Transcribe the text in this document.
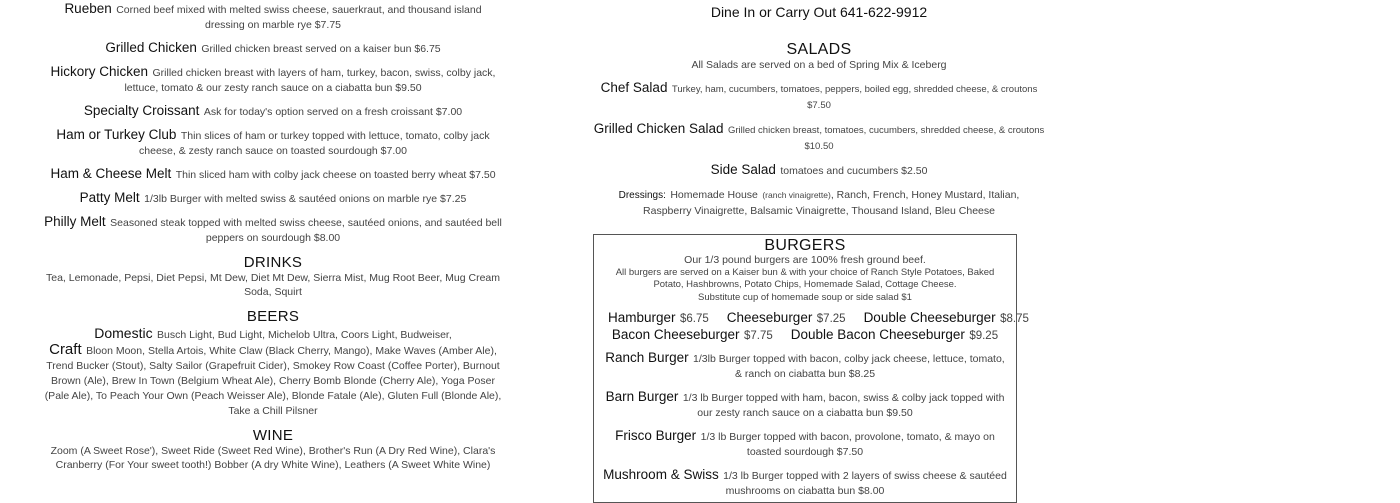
Rueben Corned beef mixed with melted swiss cheese, sauerkraut, and thousand island dressing on marble rye $7.75
Grilled Chicken Grilled chicken breast served on a kaiser bun $6.75
Hickory Chicken Grilled chicken breast with layers of ham, turkey, bacon, swiss, colby jack, lettuce, tomato & our zesty ranch sauce on a ciabatta bun $9.50
Specialty Croissant Ask for today's option served on a fresh croissant $7.00
Ham or Turkey Club Thin slices of ham or turkey topped with lettuce, tomato, colby jack cheese, & zesty ranch sauce on toasted sourdough $7.00
Ham & Cheese Melt Thin sliced ham with colby jack cheese on toasted berry wheat $7.50
Patty Melt 1/3lb Burger with melted swiss & sautéed onions on marble rye $7.25
Philly Melt Seasoned steak topped with melted swiss cheese, sautéed onions, and sautéed bell peppers on sourdough $8.00
DRINKS
Tea, Lemonade, Pepsi, Diet Pepsi, Mt Dew, Diet Mt Dew, Sierra Mist, Mug Root Beer, Mug Cream Soda, Squirt
BEERS
Domestic Busch Light, Bud Light, Michelob Ultra, Coors Light, Budweiser,
Craft Bloon Moon, Stella Artois, White Claw (Black Cherry, Mango), Make Waves (Amber Ale), Trend Bucker (Stout), Salty Sailor (Grapefruit Cider), Smokey Row Coast (Coffee Porter), Burnout Brown (Ale), Brew In Town (Belgium Wheat Ale), Cherry Bomb Blonde (Cherry Ale), Yoga Poser (Pale Ale), To Peach Your Own (Peach Weisser Ale), Blonde Fatale (Ale), Gluten Full (Blonde Ale), Take a Chill Pilsner
WINE
Zoom (A Sweet Rose'), Sweet Ride (Sweet Red Wine), Brother's Run (A Dry Red Wine), Clara's Cranberry (For Your sweet tooth!) Bobber (A dry White Wine), Leathers (A Sweet White Wine)
Dine In or Carry Out 641-622-9912
SALADS
All Salads are served on a bed of Spring Mix & Iceberg
Chef Salad Turkey, ham, cucumbers, tomatoes, peppers, boiled egg, shredded cheese, & croutons $7.50
Grilled Chicken Salad Grilled chicken breast, tomatoes, cucumbers, shredded cheese, & croutons $10.50
Side Salad tomatoes and cucumbers $2.50
Dressings: Homemade House (ranch vinaigrette), Ranch, French, Honey Mustard, Italian, Raspberry Vinaigrette, Balsamic Vinaigrette, Thousand Island, Bleu Cheese
BURGERS
Our 1/3 pound burgers are 100% fresh ground beef.
All burgers are served on a Kaiser bun & with your choice of Ranch Style Potatoes, Baked Potato, Hashbrowns, Potato Chips, Homemade Salad, Cottage Cheese.
Substitute cup of homemade soup or side salad $1
Hamburger $6.75 Cheeseburger $7.25 Double Cheeseburger $8.75
Bacon Cheeseburger $7.75 Double Bacon Cheeseburger $9.25
Ranch Burger 1/3lb Burger topped with bacon, colby jack cheese, lettuce, tomato, & ranch on ciabatta bun $8.25
Barn Burger 1/3 lb Burger topped with ham, bacon, swiss & colby jack topped with our zesty ranch sauce on a ciabatta bun $9.50
Frisco Burger 1/3 lb Burger topped with bacon, provolone, tomato, & mayo on toasted sourdough $7.50
Mushroom & Swiss 1/3 lb Burger topped with 2 layers of swiss cheese & sautéed mushrooms on ciabatta bun $8.00
